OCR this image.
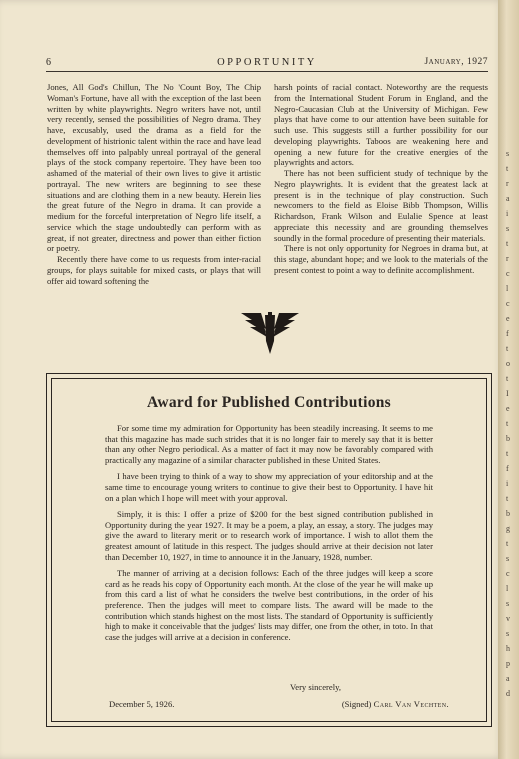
6	OPPORTUNITY	January, 1927

Jones, All God's Chillun, The No 'Count Boy, The Chip Woman's Fortune, have all with the exception of the last been written by white playwrights. Negro writers have not, until very recently, sensed the possibilities of Negro drama. They have, excusably, used the drama as a field for the development of histrionic talent within the race and have lead themselves off into palpably unreal portrayal of the general plays of the stock company repertoire. They have been too ashamed of the material of their own lives to give it artistic portrayal. The new writers are beginning to see these situations and are clothing them in a new beauty. Herein lies the great future of the Negro in drama. It can provide a medium for the forceful interpretation of Negro life itself, a service which the stage undoubtedly can perform with as great, if not greater, directness and power than either fiction or poetry.

Recently there have come to us requests from inter-racial groups, for plays suitable for mixed casts, or plays that will offer aid toward softening the

harsh points of racial contact. Noteworthy are the requests from the International Student Forum in England, and the Negro-Caucasian Club at the University of Michigan. Few plays that have come to our attention have been suitable for such use. This suggests still a further possibility for our developing playwrights. Taboos are weakening here and opening a new future for the creative energies of the playwrights and actors.

There has not been sufficient study of technique by the Negro playwrights. It is evident that the greatest lack at present is in the technique of play construction. Such newcomers to the field as Eloise Bibb Thompson, Willis Richardson, Frank Wilson and Eulalie Spence at least appreciate this necessity and are grounding themselves soundly in the formal procedure of presenting their materials.

There is not only opportunity for Negroes in drama but, at this stage, abundant hope; and we look to the materials of the present contest to point a way to definite accomplishment.

Award for Published Contributions

For some time my admiration for Opportunity has been steadily increasing. It seems to me that this magazine has made such strides that it is no longer fair to merely say that it is better than any other Negro periodical. As a matter of fact it may now be favorably compared with practically any magazine of a similar character published in these United States.

I have been trying to think of a way to show my appreciation of your editorship and at the same time to encourage young writers to continue to give their best to Opportunity. I have hit on a plan which I hope will meet with your approval.

Simply, it is this: I offer a prize of $200 for the best signed contribution published in Opportunity during the year 1927. It may be a poem, a play, an essay, a story. The judges may give the award to literary merit or to research work of importance. I wish to allot them the greatest amount of latitude in this respect. The judges should arrive at their decision not later than December 10, 1927, in time to announce it in the January, 1928, number.

The manner of arriving at a decision follows: Each of the three judges will keep a score card as he reads his copy of Opportunity each month. At the close of the year he will make up from this card a list of what he considers the twelve best contributions, in the order of his preference. Then the judges will meet to compare lists. The award will be made to the contribution which stands highest on the most lists. The standard of Opportunity is sufficiently high to make it conceivable that the judges' lists may differ, one from the other, in toto. In that case the judges will arrive at a decision in conference.

Very sincerely,
December 5, 1926.	(Signed) Carl Van Vechten.
s
t
r
a
i
s
t
r
c
l
c
e
f
t
o
t
I
e
t
b
t
f
i
t
b
g
t
s
c
l
s
v
s
h
p
a
d
